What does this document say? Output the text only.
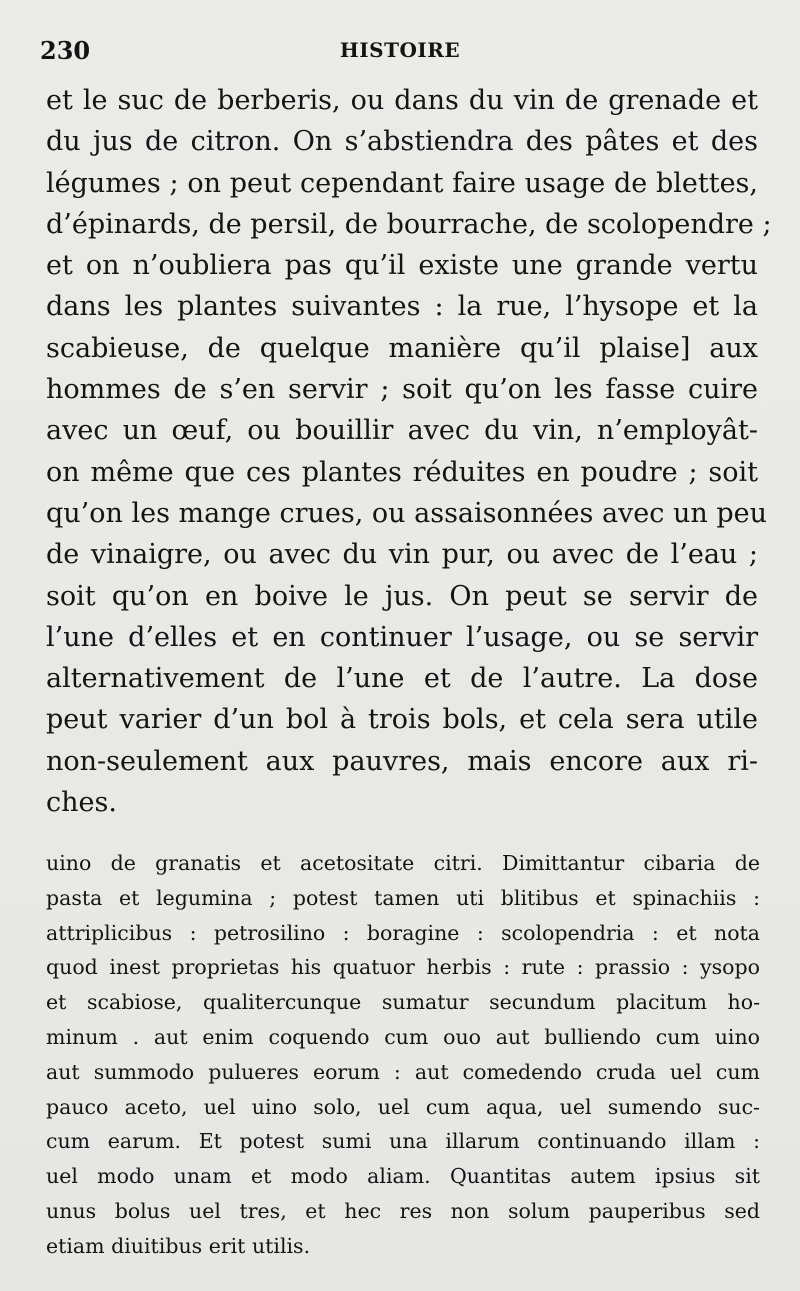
230	HISTOIRE
et le suc de berberis, ou dans du vin de grenade et
du jus de citron. On s’abstiendra des pâtes et des
légumes ; on peut cependant faire usage de blettes,
d’épinards, de persil, de bourrache, de scolopendre ;
et on n’oubliera pas qu’il existe une grande vertu
dans les plantes suivantes : la rue, l’hysope et la
scabieuse, de quelque manière qu’il plaise] aux
hommes de s’en servir ; soit qu’on les fasse cuire
avec un œuf, ou bouillir avec du vin, n’employât-
on même que ces plantes réduites en poudre ; soit
qu’on les mange crues, ou assaisonnées avec un peu
de vinaigre, ou avec du vin pur, ou avec de l’eau ;
soit qu’on en boive le jus. On peut se servir de
l’une d’elles et en continuer l’usage, ou se servir
alternativement de l’une et de l’autre. La dose
peut varier d’un bol à trois bols, et cela sera utile
non-seulement aux pauvres, mais encore aux ri-
ches.
uino de granatis et acetositate citri. Dimittantur cibaria de
pasta et legumina ; potest tamen uti blitibus et spinachiis :
attriplicibus : petrosilino : boragine : scolopendria : et nota
quod inest proprietas his quatuor herbis : rute : prassio : ysopo
et scabiose, qualitercunque sumatur secundum placitum ho-
minum . aut enim coquendo cum ouo aut bulliendo cum uino
aut summodo pulueres eorum : aut comedendo cruda uel cum
pauco aceto, uel uino solo, uel cum aqua, uel sumendo suc-
cum earum. Et potest sumi una illarum continuando illam :
uel modo unam et modo aliam. Quantitas autem ipsius sit
unus bolus uel tres, et hec res non solum pauperibus sed
etiam diuitibus erit utilis.
